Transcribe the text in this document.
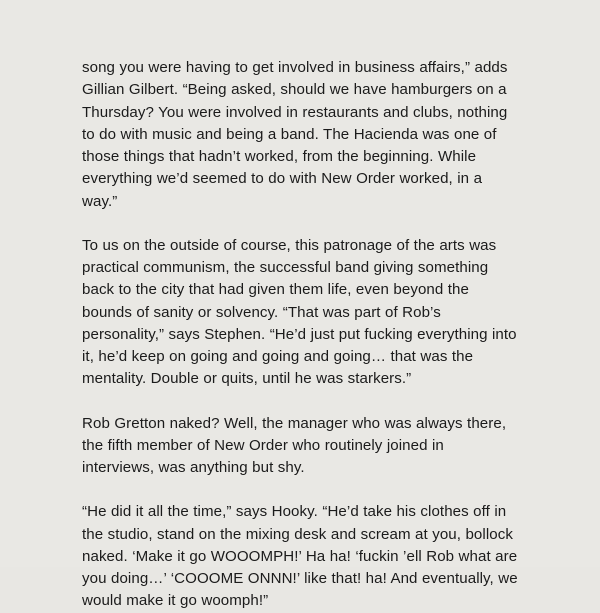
song you were having to get involved in business affairs,” adds Gillian Gilbert. “Being asked, should we have hamburgers on a Thursday? You were involved in restaurants and clubs, nothing to do with music and being a band. The Hacienda was one of those things that hadn’t worked, from the beginning. While everything we’d seemed to do with New Order worked, in a way.”

To us on the outside of course, this patronage of the arts was practical communism, the successful band giving something back to the city that had given them life, even beyond the bounds of sanity or solvency. “That was part of Rob’s personality,” says Stephen. “He’d just put fucking everything into it, he’d keep on going and going and going… that was the mentality. Double or quits, until he was starkers.”

Rob Gretton naked? Well, the manager who was always there, the fifth member of New Order who routinely joined in interviews, was anything but shy.

“He did it all the time,” says Hooky. “He’d take his clothes off in the studio, stand on the mixing desk and scream at you, bollock naked. ‘Make it go WOOOMPH!’ Ha ha! ‘fuckin ’ell Rob what are you doing…’ ‘COOOME ONNN!’ like that! ha! And eventually, we would make it go woomph!”
